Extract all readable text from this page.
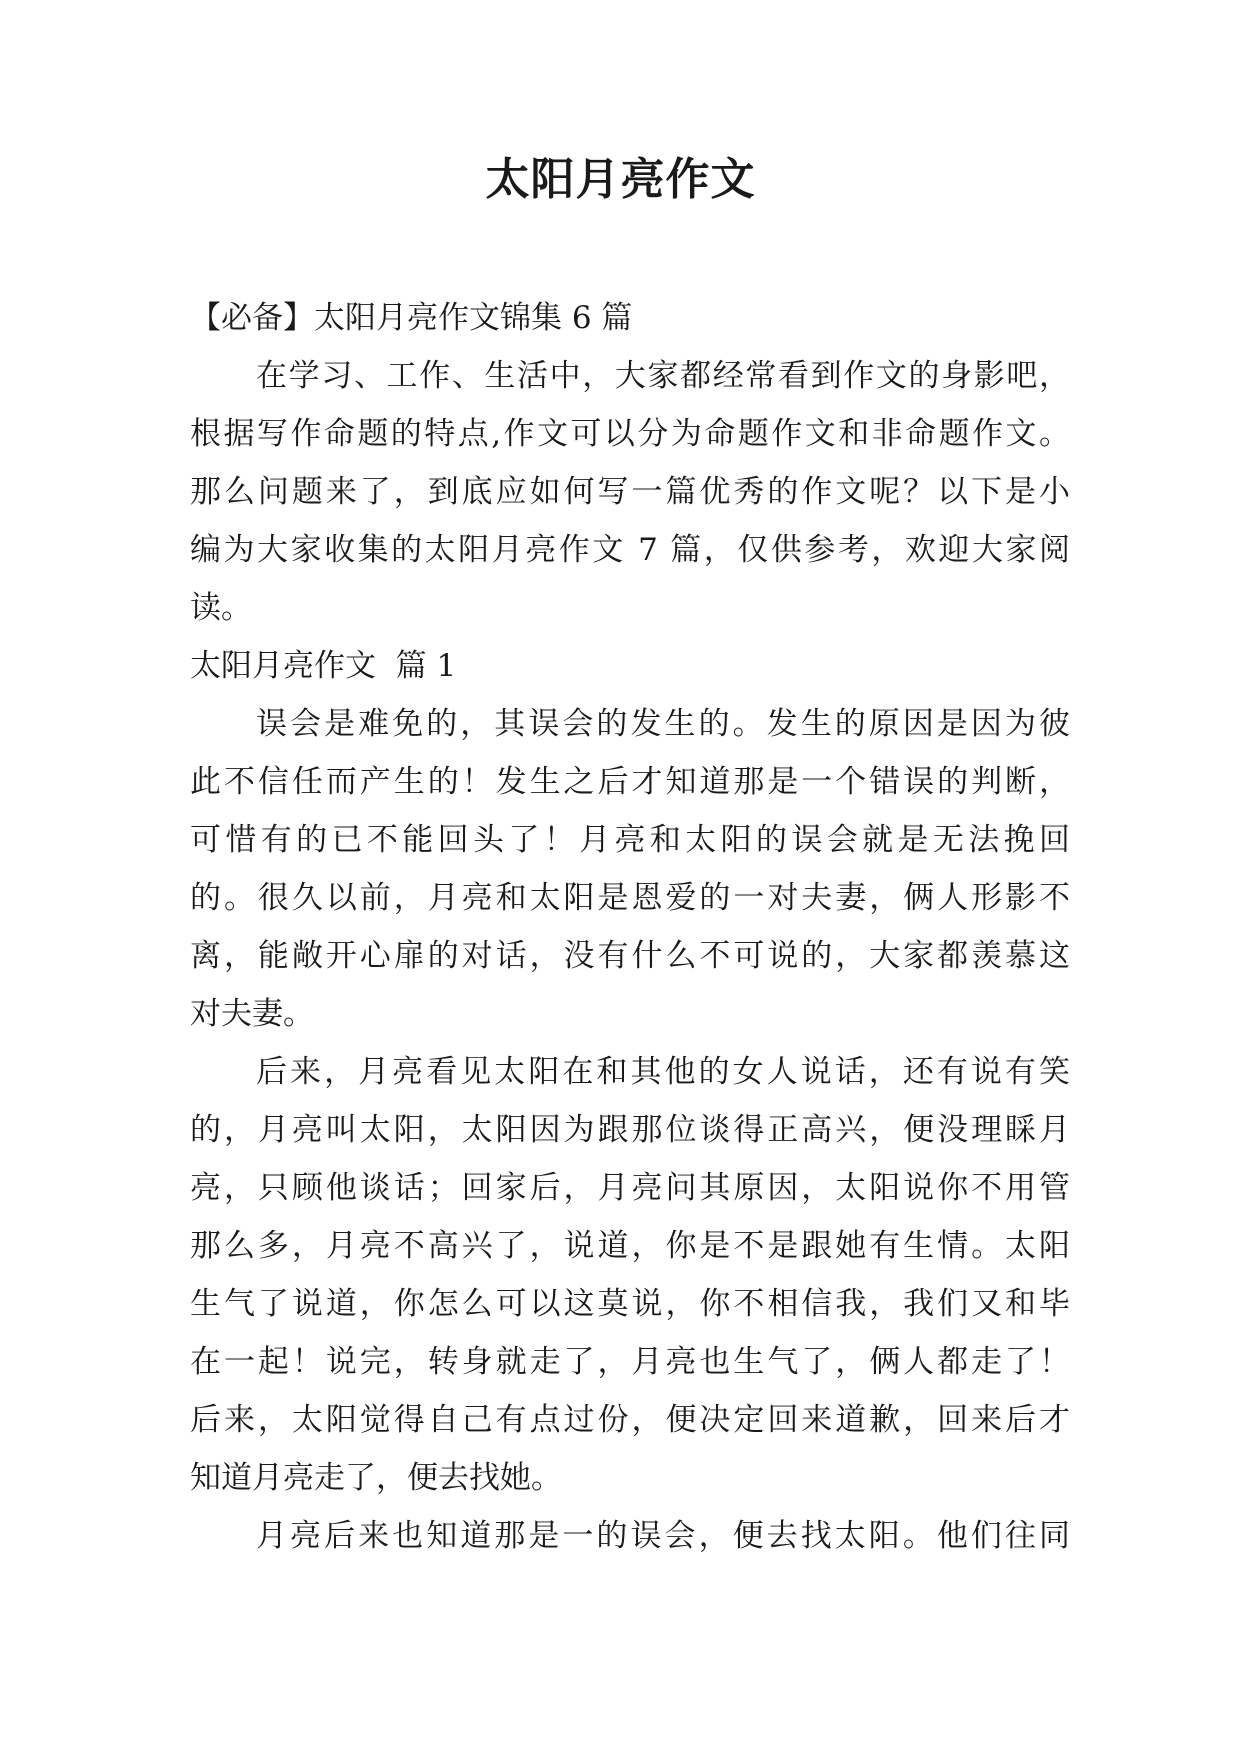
太阳月亮作文
【必备】太阳月亮作文锦集 6 篇
在学习、工作、生活中，大家都经常看到作文的身影吧，
根据写作命题的特点,作文可以分为命题作文和非命题作文。
那么问题来了，到底应如何写一篇优秀的作文呢？以下是小
编为大家收集的太阳月亮作文 7 篇，仅供参考，欢迎大家阅
读。
太阳月亮作文  篇 1
误会是难免的，其误会的发生的。发生的原因是因为彼
此不信任而产生的！发生之后才知道那是一个错误的判断，
可惜有的已不能回头了！月亮和太阳的误会就是无法挽回
的。很久以前，月亮和太阳是恩爱的一对夫妻，俩人形影不
离，能敞开心扉的对话，没有什么不可说的，大家都羡慕这
对夫妻。
后来，月亮看见太阳在和其他的女人说话，还有说有笑
的，月亮叫太阳，太阳因为跟那位谈得正高兴，便没理睬月
亮，只顾他谈话；回家后，月亮问其原因，太阳说你不用管
那么多，月亮不高兴了，说道，你是不是跟她有生情。太阳
生气了说道，你怎么可以这莫说，你不相信我，我们又和毕
在一起！说完，转身就走了，月亮也生气了，俩人都走了！
后来，太阳觉得自己有点过份，便决定回来道歉，回来后才
知道月亮走了，便去找她。
月亮后来也知道那是一的误会，便去找太阳。他们往同
